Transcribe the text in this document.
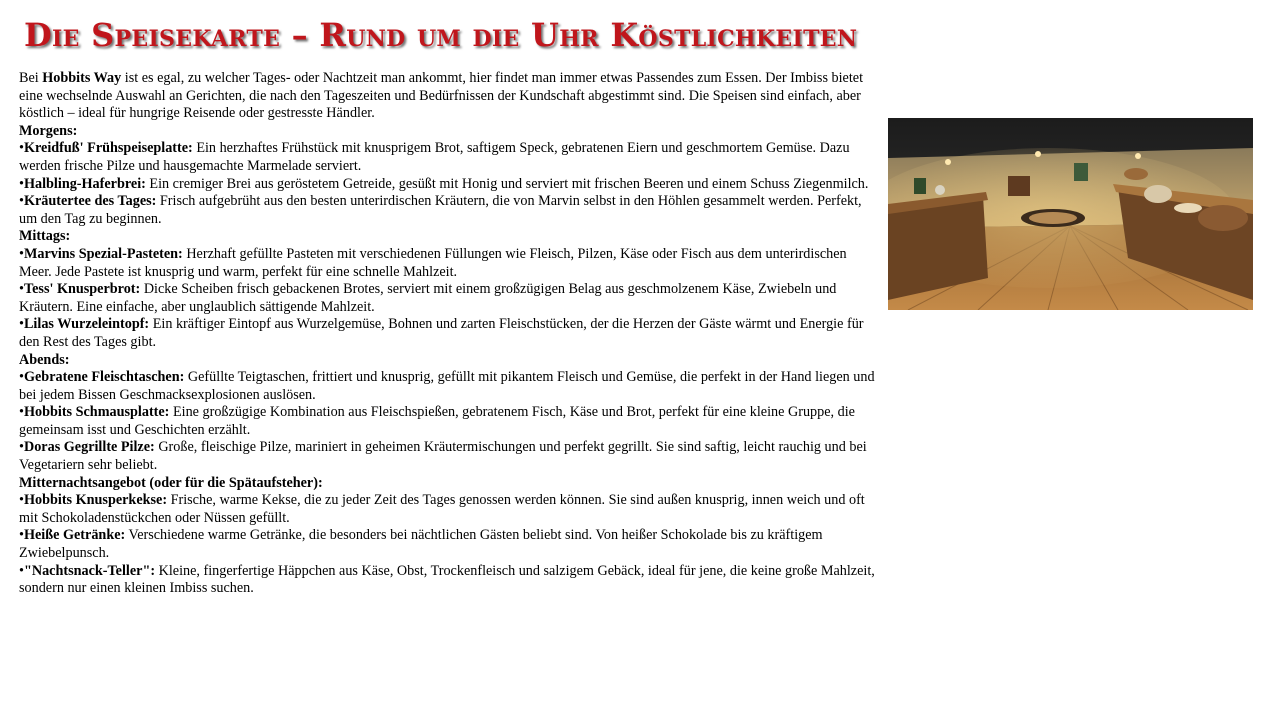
Die Speisekarte – Rund um die Uhr Köstlichkeiten

Bei Hobbits Way ist es egal, zu welcher Tages- oder Nachtzeit man ankommt, hier findet man immer etwas Passendes zum Essen. Der Imbiss bietet eine wechselnde Auswahl an Gerichten, die nach den Tageszeiten und Bedürfnissen der Kundschaft abgestimmt sind. Die Speisen sind einfach, aber köstlich – ideal für hungrige Reisende oder gestresste Händler.

Morgens:

•Kreidfuß' Frühspeiseplatte: Ein herzhaftes Frühstück mit knusprigem Brot, saftigem Speck, gebratenen Eiern und geschmortem Gemüse. Dazu werden frische Pilze und hausgemachte Marmelade serviert.

•Halbling-Haferbrei: Ein cremiger Brei aus geröstetem Getreide, gesüßt mit Honig und serviert mit frischen Beeren und einem Schuss Ziegenmilch.

•Kräutertee des Tages: Frisch aufgebrüht aus den besten unterirdischen Kräutern, die von Marvin selbst in den Höhlen gesammelt werden. Perfekt, um den Tag zu beginnen.

Mittags:

•Marvins Spezial-Pasteten: Herzhaft gefüllte Pasteten mit verschiedenen Füllungen wie Fleisch, Pilzen, Käse oder Fisch aus dem unterirdischen Meer. Jede Pastete ist knusprig und warm, perfekt für eine schnelle Mahlzeit.

•Tess' Knusperbrot: Dicke Scheiben frisch gebackenen Brotes, serviert mit einem großzügigen Belag aus geschmolzenem Käse, Zwiebeln und Kräutern. Eine einfache, aber unglaublich sättigende Mahlzeit.

•Lilas Wurzeleintopf: Ein kräftiger Eintopf aus Wurzelgemüse, Bohnen und zarten Fleischstücken, der die Herzen der Gäste wärmt und Energie für den Rest des Tages gibt.

Abends:

•Gebratene Fleischtaschen: Gefüllte Teigtaschen, frittiert und knusprig, gefüllt mit pikantem Fleisch und Gemüse, die perfekt in der Hand liegen und bei jedem Bissen Geschmacksexplosionen auslösen.

•Hobbits Schmausplatte: Eine großzügige Kombination aus Fleischspießen, gebratenem Fisch, Käse und Brot, perfekt für eine kleine Gruppe, die gemeinsam isst und Geschichten erzählt.

•Doras Gegrillte Pilze: Große, fleischige Pilze, mariniert in geheimen Kräutermischungen und perfekt gegrillt. Sie sind saftig, leicht rauchig und bei Vegetariern sehr beliebt.

Mitternachtsangebot (oder für die Spätaufsteher):

•Hobbits Knusperkekse: Frische, warme Kekse, die zu jeder Zeit des Tages genossen werden können. Sie sind außen knusprig, innen weich und oft mit Schokoladenstückchen oder Nüssen gefüllt.

•Heiße Getränke: Verschiedene warme Getränke, die besonders bei nächtlichen Gästen beliebt sind. Von heißer Schokolade bis zu kräftigem Zwiebelpunsch.

•"Nachtsnack-Teller": Kleine, fingerfertige Häppchen aus Käse, Obst, Trockenfleisch und salzigem Gebäck, ideal für jene, die keine große Mahlzeit, sondern nur einen kleinen Imbiss suchen.
